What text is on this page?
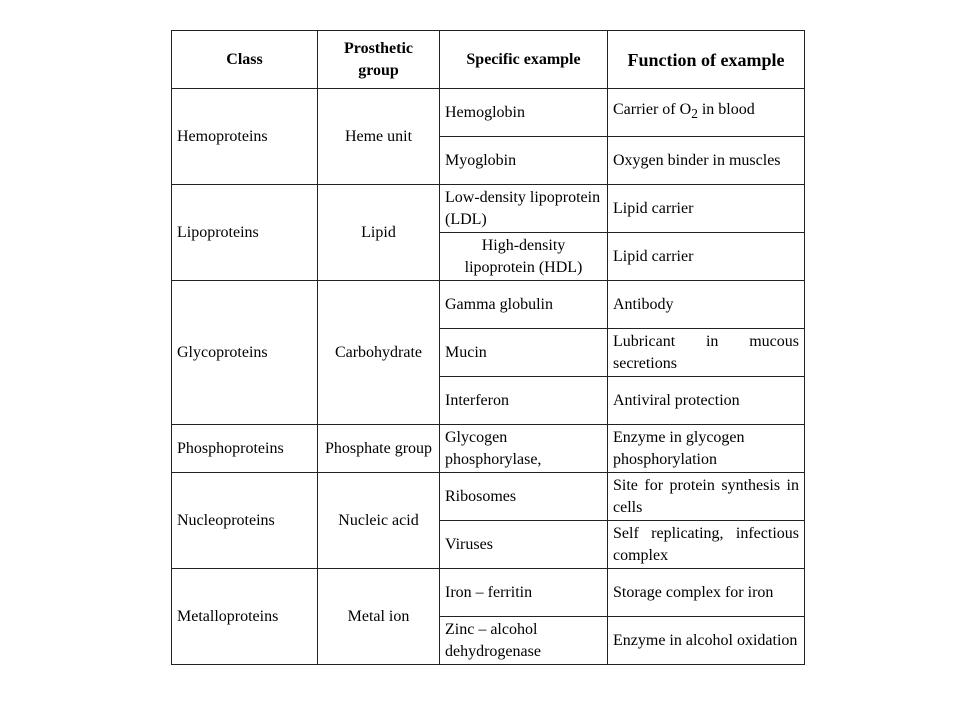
Class	Prosthetic group	Specific example	Function of example
Hemoproteins	Heme unit	Hemoglobin	Carrier of $O_2$ in blood
		Myoglobin	Oxygen binder in muscles
Lipoproteins	Lipid	Low-density lipoprotein (LDL)	Lipid carrier
		High-density lipoprotein (HDL)	Lipid carrier
Glycoproteins	Carbohydrate	Gamma globulin	Antibody
		Mucin	Lubricant in mucous secretions
		Interferon	Antiviral protection
Phosphoproteins	Phosphate group	Glycogen phosphorylase,	Enzyme in glycogen phosphorylation
Nucleoproteins	Nucleic acid	Ribosomes	Site for protein synthesis in cells
		Viruses	Self replicating, infectious complex
Metalloproteins	Metal ion	Iron – ferritin	Storage complex for iron
		Zinc – alcohol dehydrogenase	Enzyme in alcohol oxidation
